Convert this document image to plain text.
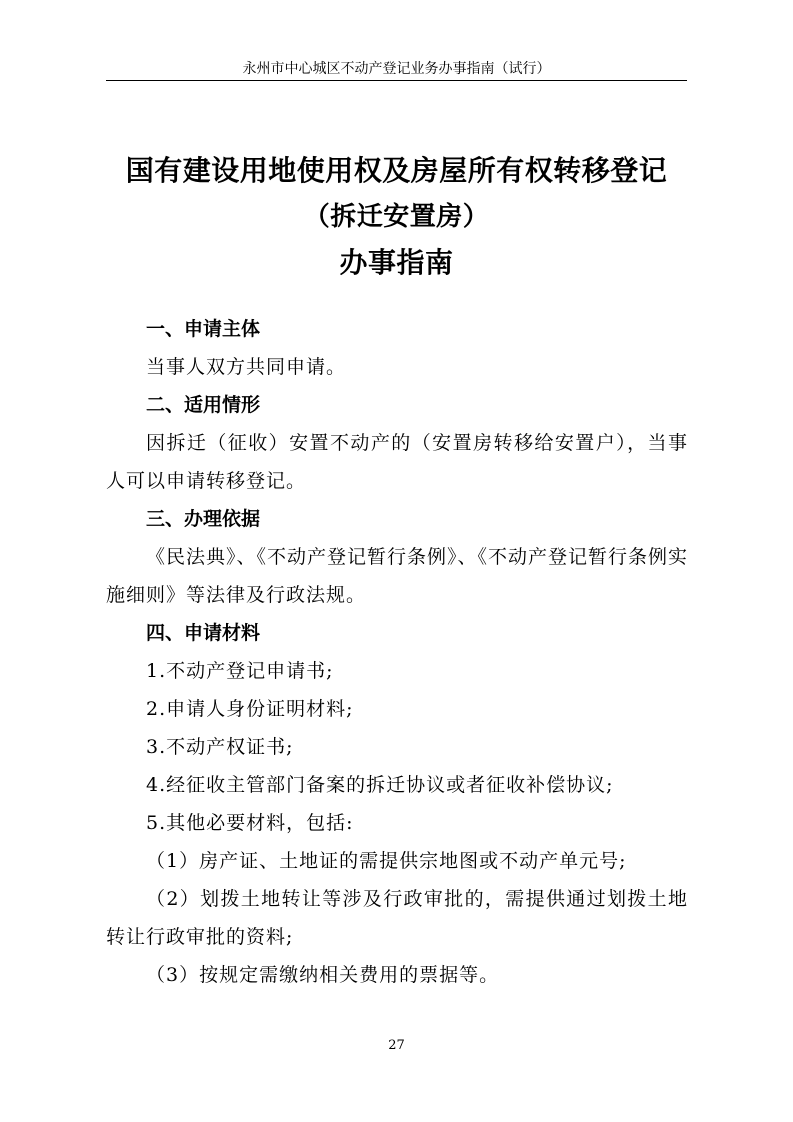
永州市中心城区不动产登记业务办事指南（试行）
国有建设用地使用权及房屋所有权转移登记
（拆迁安置房）
办事指南

一、申请主体

当事人双方共同申请。

二、适用情形

因拆迁（征收）安置不动产的（安置房转移给安置户），当事人可以申请转移登记。

三、办理依据

《民法典》、《不动产登记暂行条例》、《不动产登记暂行条例实施细则》等法律及行政法规。

四、申请材料

1.不动产登记申请书;

2.申请人身份证明材料;

3.不动产权证书;

4.经征收主管部门备案的拆迁协议或者征收补偿协议;

5.其他必要材料，包括:

（1）房产证、土地证的需提供宗地图或不动产单元号;

（2）划拨土地转让等涉及行政审批的，需提供通过划拨土地转让行政审批的资料;

（3）按规定需缴纳相关费用的票据等。

27
